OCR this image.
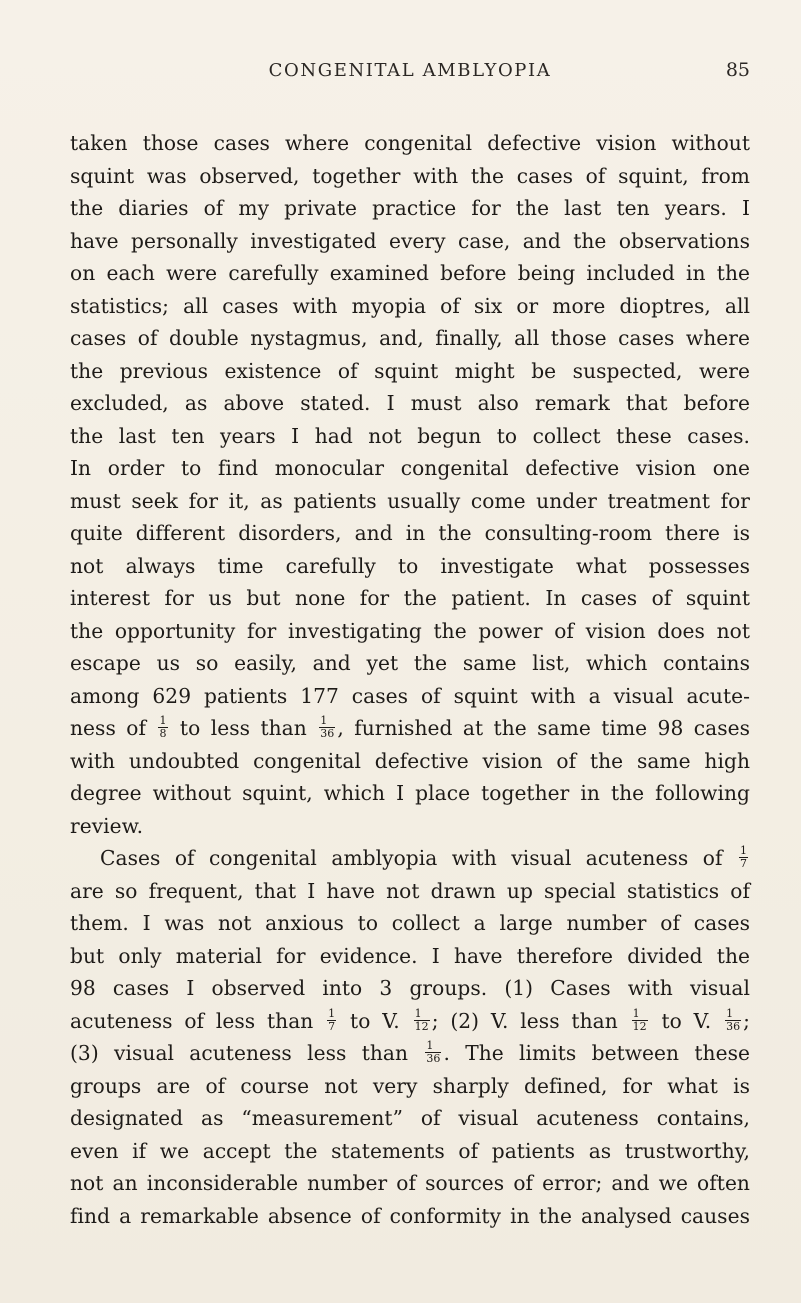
CONGENITAL AMBLYOPIA	85
taken those cases where congenital defective vision without
squint was observed, together with the cases of squint, from
the diaries of my private practice for the last ten years. I
have personally investigated every case, and the observations
on each were carefully examined before being included in the
statistics; all cases with myopia of six or more dioptres, all
cases of double nystagmus, and, finally, all those cases where
the previous existence of squint might be suspected, were
excluded, as above stated. I must also remark that before
the last ten years I had not begun to collect these cases.
In order to find monocular congenital defective vision one
must seek for it, as patients usually come under treatment for
quite different disorders, and in the consulting-room there is
not always time carefully to investigate what possesses
interest for us but none for the patient. In cases of squint
the opportunity for investigating the power of vision does not
escape us so easily, and yet the same list, which contains
among 629 patients 177 cases of squint with a visual acute-
ness of $\frac{1}{8}$ to less than $\frac{1}{36}$ , furnished at the same time 98 cases
with undoubted congenital defective vision of the same high
degree without squint, which I place together in the following
review.
Cases of congenital amblyopia with visual acuteness of $\frac{1}{7}$
are so frequent, that I have not drawn up special statistics of
them. I was not anxious to collect a large number of cases
but only material for evidence. I have therefore divided the
98 cases I observed into 3 groups. (1) Cases with visual
acuteness of less than $\frac{1}{7}$ to V. $\frac{1}{12}$ ; (2) V. less than $\frac{1}{12}$ to V. $\frac{1}{36}$ ;
(3) visual acuteness less than $\frac{1}{36}$ . The limits between these
groups are of course not very sharply defined, for what is
designated as “measurement” of visual acuteness contains,
even if we accept the statements of patients as trustworthy,
not an inconsiderable number of sources of error; and we often
find a remarkable absence of conformity in the analysed causes
